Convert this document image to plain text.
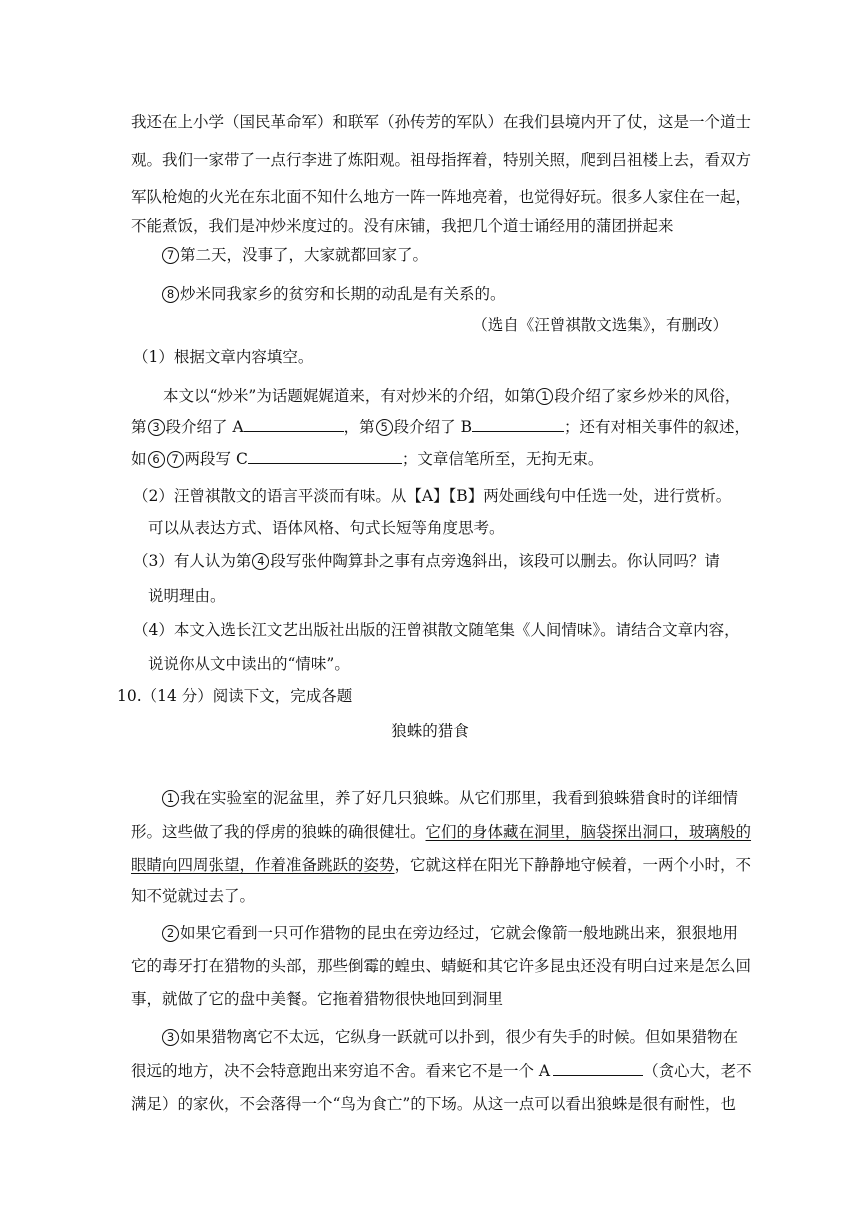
我还在上小学（国民革命军）和联军（孙传芳的军队）在我们县境内开了仗，这是一个道士
观。我们一家带了一点行李进了炼阳观。祖母指挥着，特别关照，爬到吕祖楼上去，看双方
军队枪炮的火光在东北面不知什么地方一阵一阵地亮着，也觉得好玩。很多人家住在一起，
不能煮饭，我们是冲炒米度过的。没有床铺，我把几个道士诵经用的蒲团拼起来
7 第二天，没事了，大家就都回家了。
8 炒米同我家乡的贫穷和长期的动乱是有关系的。
（选自《汪曾祺散文选集》，有删改）
（1）根据文章内容填空。
本文以“炒米”为话题娓娓道来，有对炒米的介绍，如第 1 段介绍了家乡炒米的风俗，
第 3 段介绍了 A	，第 5 段介绍了 B	；还有对相关事件的叙述，
如 6 7 两段写 C	；文章信笔所至，无拘无束。
（2）汪曾祺散文的语言平淡而有味。从【A】【B】两处画线句中任选一处，进行赏析。
可以从表达方式、语体风格、句式长短等角度思考。
（3）有人认为第 4 段写张仲陶算卦之事有点旁逸斜出，该段可以删去。你认同吗？请
说明理由。
（4）本文入选长江文艺出版社出版的汪曾祺散文随笔集《人间情味》。请结合文章内容，
说说你从文中读出的“情味”。
10.（14 分）阅读下文，完成各题
狼蛛的猎食
1 我在实验室的泥盆里，养了好几只狼蛛。从它们那里，我看到狼蛛猎食时的详细情
形。这些做了我的俘虏的狼蛛的确很健壮。它们的身体藏在洞里，脑袋探出洞口，玻璃般的
眼睛向四周张望，作着准备跳跃的姿势，它就这样在阳光下静静地守候着，一两个小时，不
知不觉就过去了。
2 如果它看到一只可作猎物的昆虫在旁边经过，它就会像箭一般地跳出来，狠狠地用
它的毒牙打在猎物的头部，那些倒霉的蝗虫、蜻蜓和其它许多昆虫还没有明白过来是怎么回
事，就做了它的盘中美餐。它拖着猎物很快地回到洞里
3 如果猎物离它不太远，它纵身一跃就可以扑到，很少有失手的时候。但如果猎物在
很远的地方，决不会特意跑出来穷追不舍。看来它不是一个 A	（贪心大，老不
满足）的家伙，不会落得一个“鸟为食亡”的下场。从这一点可以看出狼蛛是很有耐性，也
